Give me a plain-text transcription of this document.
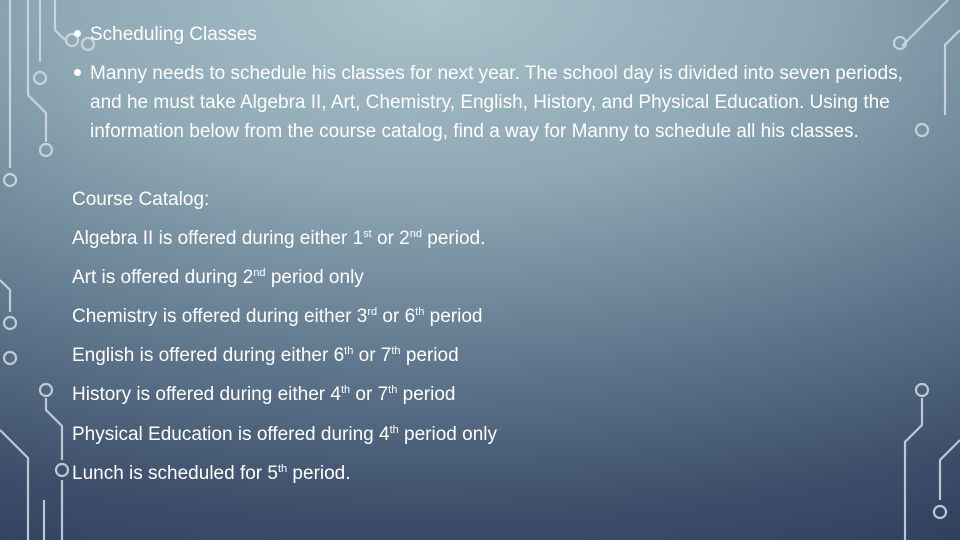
Scheduling Classes

Manny needs to schedule his classes for next year. The school day is divided into seven periods, and he must take Algebra II, Art, Chemistry, English, History, and Physical Education. Using the information below from the course catalog, find a way for Manny to schedule all his classes.

Course Catalog:

Algebra II is offered during either 1st or 2nd period.

Art is offered during 2nd period only

Chemistry is offered during either 3rd or 6th period

English is offered during either 6th or 7th period

History is offered during either 4th or 7th period

Physical Education is offered during 4th period only

Lunch is scheduled for 5th period.
